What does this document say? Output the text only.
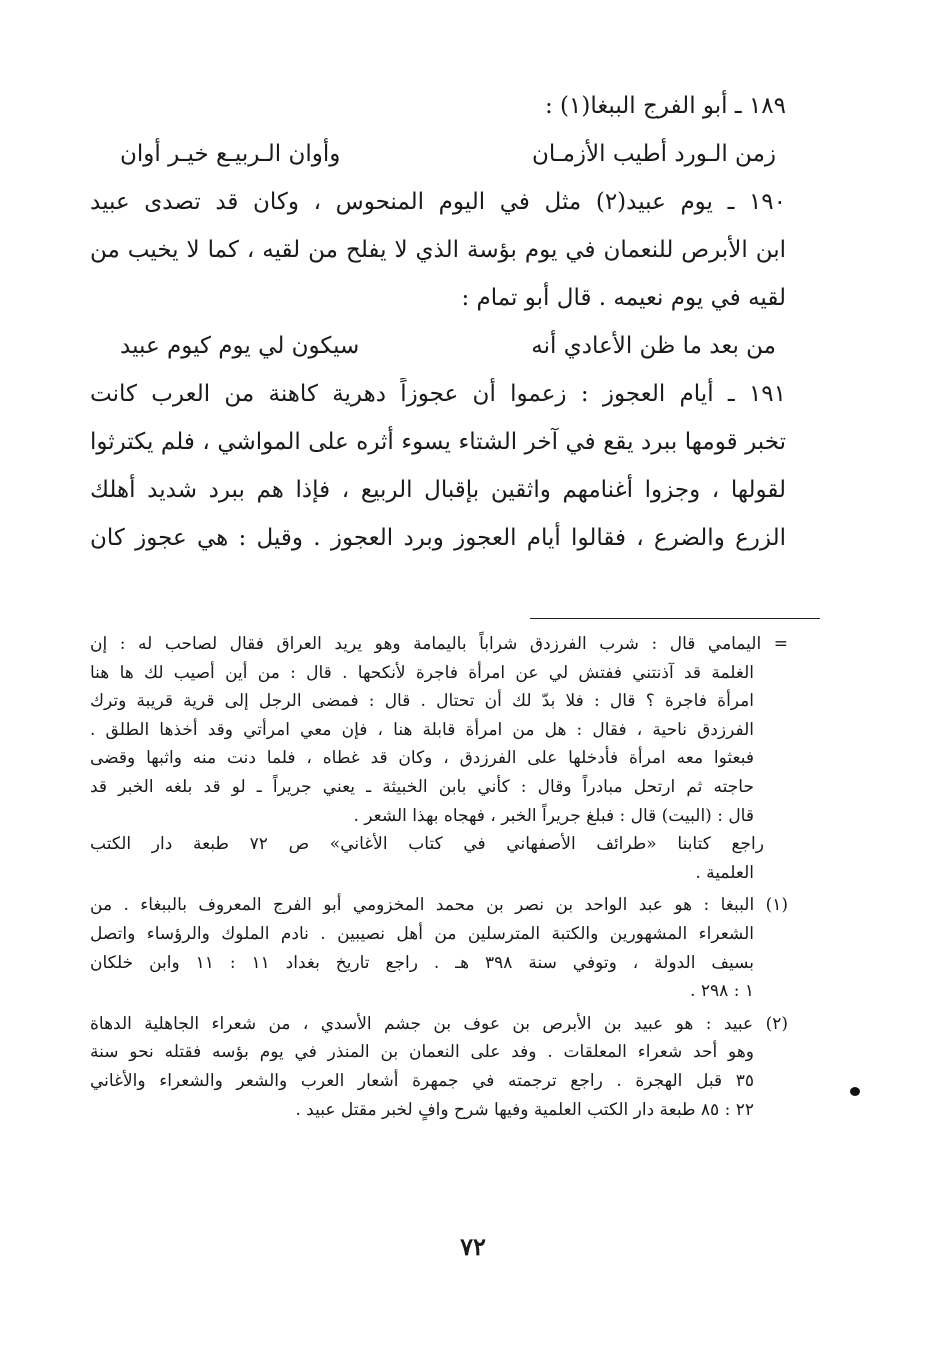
١٨٩ ـ أبو الفرج الببغا(١) :
زمن الـورد أطيب الأزمـان
وأوان الـربيـع خيـر أوان
١٩٠ ـ يوم عبيد(٢) مثل في اليوم المنحوس ، وكان قد تصدى عبيد
ابن الأبرص للنعمان في يوم بؤسة الذي لا يفلح من لقيه ، كما لا يخيب من
لقيه في يوم نعيمه . قال أبو تمام :
من بعد ما ظن الأعادي أنه
سيكون لي يوم كيوم عبيد
١٩١ ـ أيام العجوز : زعموا أن عجوزاً دهرية كاهنة من العرب كانت
تخبر قومها ببرد يقع في آخر الشتاء يسوء أثره على المواشي ، فلم يكترثوا
لقولها ، وجزوا أغنامهم واثقين بإقبال الربيع ، فإذا هم ببرد شديد أهلك
الزرع والضرع ، فقالوا أيام العجوز وبرد العجوز . وقيل : هي عجوز كان
= اليمامي قال : شرب الفرزدق شراباً باليمامة وهو يريد العراق فقال لصاحب له : إن
الغلمة قد آذنتني ففتش لي عن امرأة فاجرة لأنكحها . قال : من أين أصيب لك ها هنا
امرأة فاجرة ؟ قال : فلا بدّ لك أن تحتال . قال : فمضى الرجل إلى قرية قريبة وترك
الفرزدق ناحية ، فقال : هل من امرأة قابلة هنا ، فإن معي امرأتي وقد أخذها الطلق .
فبعثوا معه امرأة فأدخلها على الفرزدق ، وكان قد غطاه ، فلما دنت منه واثبها وقضى
حاجته ثم ارتحل مبادراً وقال : كأني بابن الخبيثة ـ يعني جريراً ـ لو قد بلغه الخبر قد
قال : (البيت) قال : فبلغ جريراً الخبر ، فهجاه بهذا الشعر .
راجع كتابنا «طرائف الأصفهاني في كتاب الأغاني» ص ٧٢ طبعة دار الكتب
العلمية .
(١) الببغا : هو عبد الواحد بن نصر بن محمد المخزومي أبو الفرج المعروف بالببغاء . من
الشعراء المشهورين والكتبة المترسلين من أهل نصيبين . نادم الملوك والرؤساء واتصل
بسيف الدولة ، وتوفي سنة ٣٩٨ هـ . راجع تاريخ بغداد ١١ : ١١ وابن خلكان
١ : ٢٩٨ .
(٢) عبيد : هو عبيد بن الأبرص بن عوف بن جشم الأسدي ، من شعراء الجاهلية الدهاة
وهو أحد شعراء المعلقات . وفد على النعمان بن المنذر في يوم بؤسه فقتله نحو سنة
٣٥ قبل الهجرة . راجع ترجمته في جمهرة أشعار العرب والشعر والشعراء والأغاني
٢٢ : ٨٥ طبعة دار الكتب العلمية وفيها شرح وافٍ لخبر مقتل عبيد .
٧٢
